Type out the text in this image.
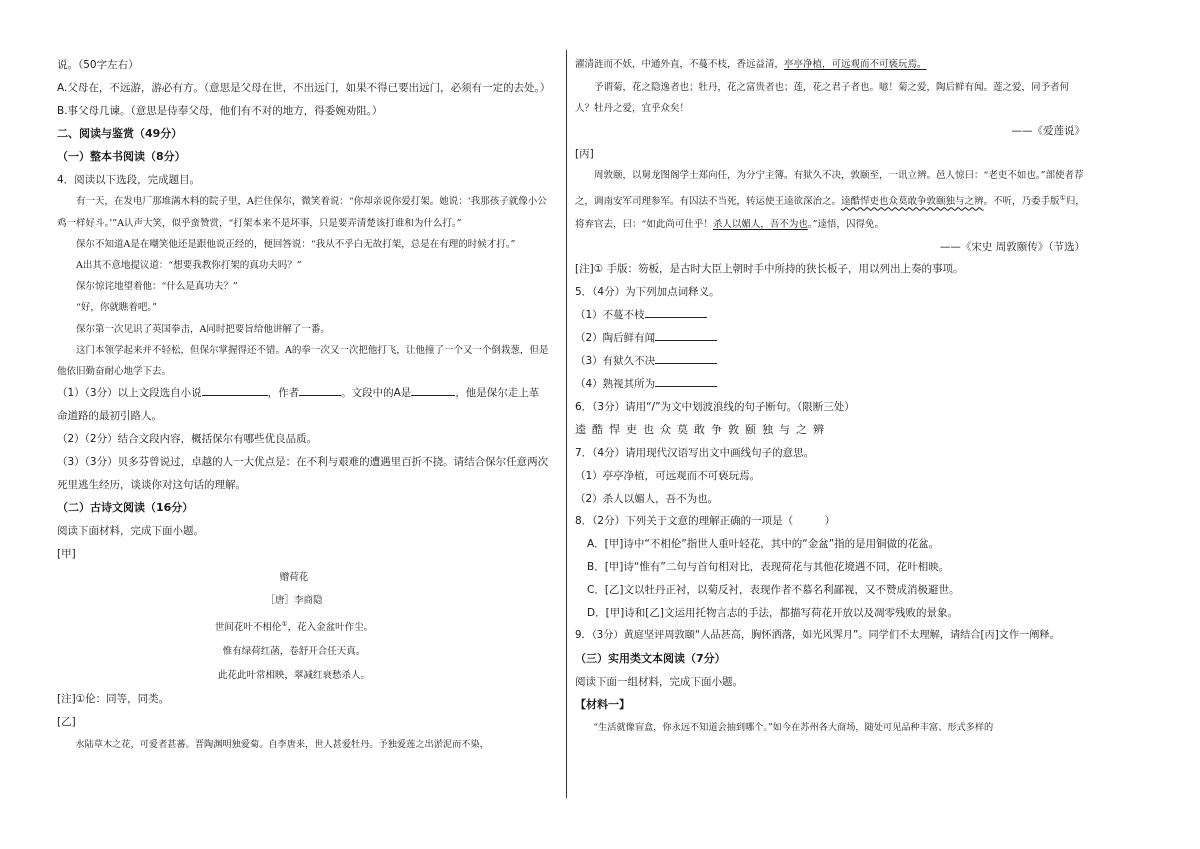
说。（50字左右）
A.父母在，不远游，游必有方。（意思是父母在世，不出远门，如果不得已要出远门，必须有一定的去处。）
B.事父母几谏。（意思是侍奉父母，他们有不对的地方，得委婉劝阻。）
二、阅读与鉴赏（49分）
（一）整本书阅读（8分）
4．阅读以下选段，完成题目。
有一天，在发电厂那堆满木料的院子里，A拦住保尔，微笑着说：“你却亲说你爱打架。她说：‘我那孩子就像小公鸡一样好斗。’”A认声大笑，似乎蛮赞赏，“打架本来不是坏事，只是要弄清楚该打谁和为什么打。”
保尔不知道A是在嘲笑他还是跟他说正经的，便回答说：“我从不乎白无故打架，总是在有理的时候才打。”
A出其不意地提议道：“想要我教你打架的真功夫吗？”
保尔惊诧地望着他：“什么是真功夫？”
“好，你就瞧着吧。”
保尔第一次见识了英国拳击，A同时把要旨给他讲解了一番。
这门本领学起来并不轻松，但保尔掌握得还不错。A的拳一次又一次把他打飞，让他撞了一个又一个倒栽葱，但是他依旧勤奋耐心地学下去。
（1）（3分）以上文段选自小说	，作者	。文段中的A是	，他是保尔走上革
命道路的最初引路人。
（2）（2分）结合文段内容，概括保尔有哪些优良品质。
（3）（3分）贝多芬曾说过，卓越的人一大优点是：在不利与艰难的遭遇里百折不挠。请结合保尔任意两次死里逃生经历，谈谈你对这句话的理解。
（二）古诗文阅读（16分）
阅读下面材料，完成下面小题。
[甲]
赠荷花
［唐］李商隐
世间花叶不相伦①，花入金盆叶作尘。
惟有绿荷红菡，卷舒开合任天真。
此花此叶常相映，翠减红衰愁杀人。
[注]①伦：同等，同类。
[乙]
水陆草木之花，可爱者甚蕃。晋陶渊明独爱菊。自李唐来，世人甚爱牡丹。予独爱莲之出淤泥而不染，
濯清涟而不妖，中通外直，不蔓不枝，香远益清，亭亭净植，可远观而不可亵玩焉。
予谓菊，花之隐逸者也；牡丹，花之富贵者也；莲，花之君子者也。噫！菊之爱，陶后鲜有闻。莲之爱，同予者何人？牡丹之爱，宜乎众矣！
——《爱莲说》
[丙]
周敦颐，以舅龙图阁学士郑向任，为分宁主簿。有狱久不决，敦颐至，一讯立辨。邑人惊曰：“老吏不如也。”部使者荐之，调南安军司理参军。有囚法不当死，转运使王逵欲深治之。逵酷悍吏也众莫敢争敦颐独与之辨。不听，乃委手版①归，将弃官去，曰：“如此尚可仕乎！杀人以媚人，吾不为也。”逵悟，囚得免。
——《宋史 周敦颐传》（节选）
[注]① 手版：笏板，是古时大臣上朝时手中所持的狭长板子，用以列出上奏的事项。
5．（4分）为下列加点词释义。
（1）不蔓不枝
（2）陶后鲜有闻
（3）有狱久不决
（4）熟视其所为
6．（3分）请用“/”为文中划波浪线的句子断句。（限断三处）
逵酷悍吏也众莫敢争敦颐独与之辨
7．（4分）请用现代汉语写出文中画线句子的意思。
（1）亭亭净植，可远观而不可亵玩焉。
（2）杀人以媚人，吾不为也。
8．（2分）下列关于文意的理解正确的一项是（　　　）
A．[甲]诗中“不相伦”指世人重叶轻花，其中的“金盆”指的是用铜做的花盆。
B．[甲]诗“惟有”二句与首句相对比，表现荷花与其他花境遇不同，花叶相映。
C．[乙]文以牡丹正衬，以菊反衬，表现作者不慕名利鄙视，又不赞成消极避世。
D．[甲]诗和[乙]文运用托物言志的手法，都描写荷花开放以及凋零残败的景象。
9．（3分）黄庭坚评周敦颐“人品甚高，胸怀洒落，如光风霁月”。同学们不太理解，请结合[丙]文作一阐释。
（三）实用类文本阅读（7分）
阅读下面一组材料，完成下面小题。
【材料一】
“生活就像盲盒，你永远不知道会抽到哪个。”如今在苏州各大商场，随处可见品种丰富、形式多样的
